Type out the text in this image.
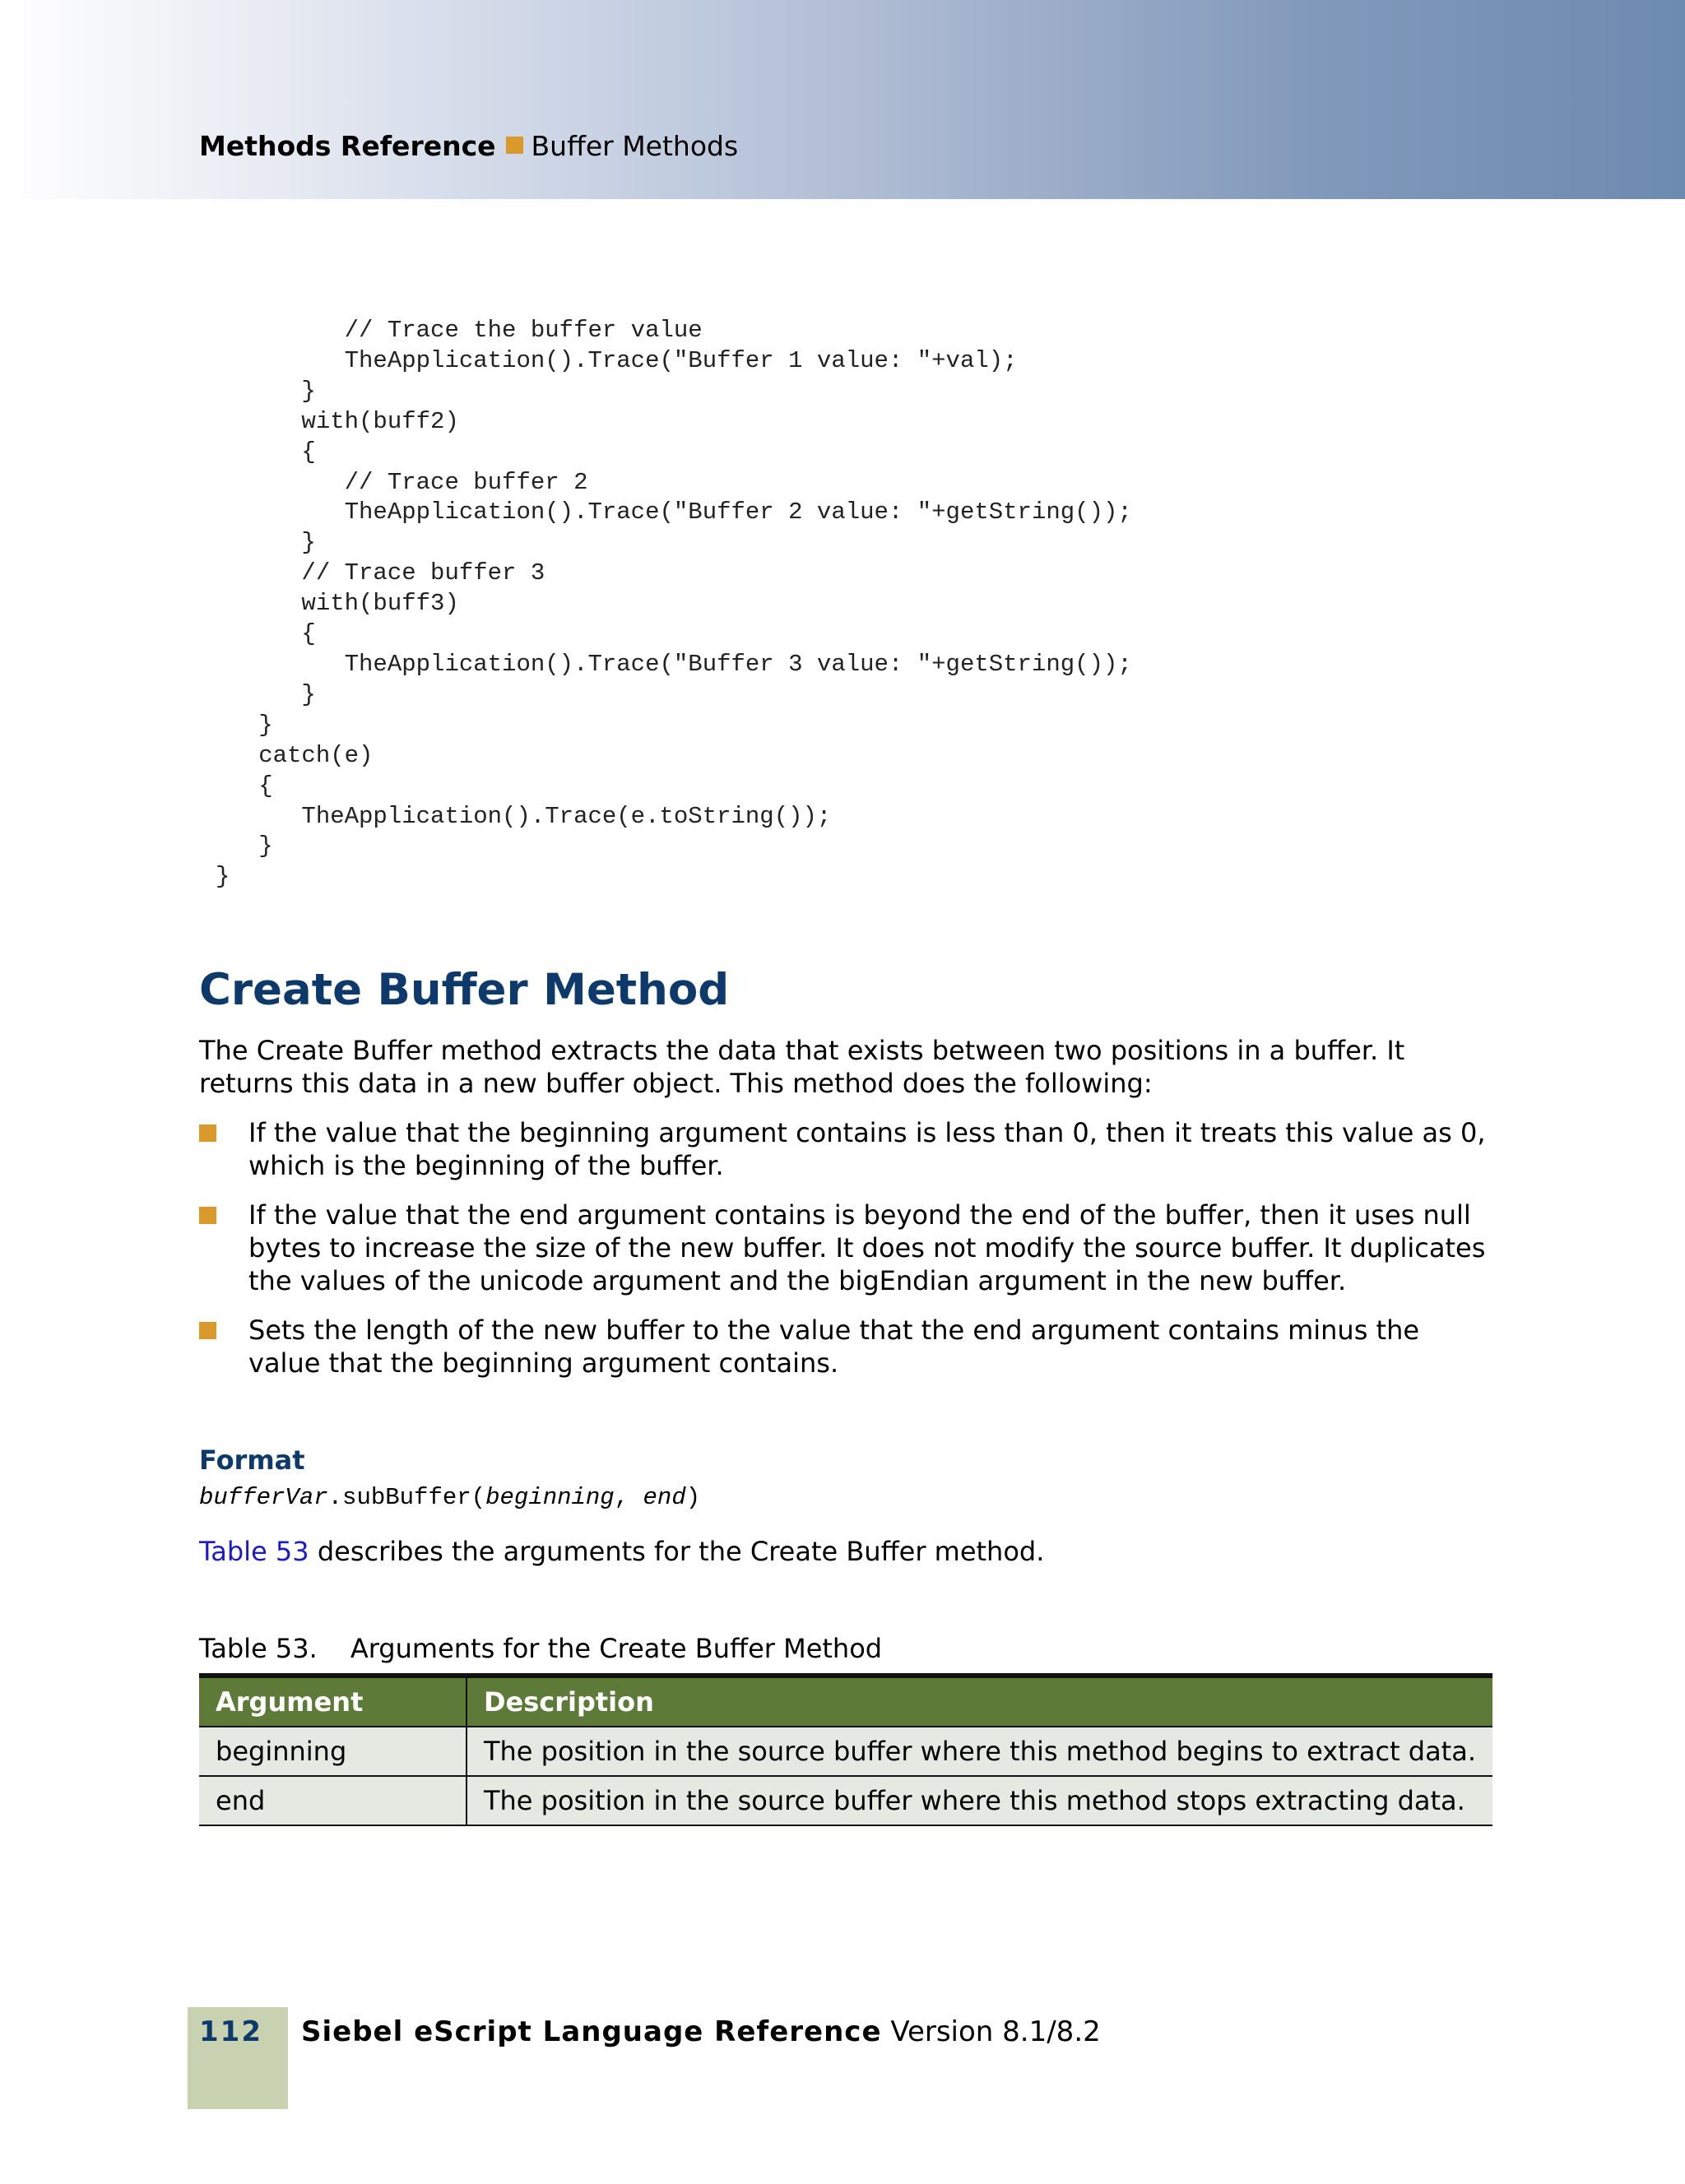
Methods Reference Buffer Methods
// Trace the buffer value
TheApplication().Trace("Buffer 1 value: "+val);
}
with(buff2)
{
// Trace buffer 2
TheApplication().Trace("Buffer 2 value: "+getString());
}
// Trace buffer 3
with(buff3)
{
TheApplication().Trace("Buffer 3 value: "+getString());
}
}
catch(e)
{
TheApplication().Trace(e.toString());
}
}
Create Buffer Method

The Create Buffer method extracts the data that exists between two positions in a buffer. It returns this data in a new buffer object. This method does the following:

If the value that the beginning argument contains is less than 0, then it treats this value as 0, which is the beginning of the buffer.
If the value that the end argument contains is beyond the end of the buffer, then it uses null bytes to increase the size of the new buffer. It does not modify the source buffer. It duplicates the values of the unicode argument and the bigEndian argument in the new buffer.
Sets the length of the new buffer to the value that the end argument contains minus the value that the beginning argument contains.
Format

bufferVar.subBuffer(beginning, end)

Table 53 describes the arguments for the Create Buffer method.

Table 53. Arguments for the Create Buffer Method

Argument	Description
beginning	The position in the source buffer where this method begins to extract data.
end	The position in the source buffer where this method stops extracting data.
112 Siebel eScript Language Reference Version 8.1/8.2
